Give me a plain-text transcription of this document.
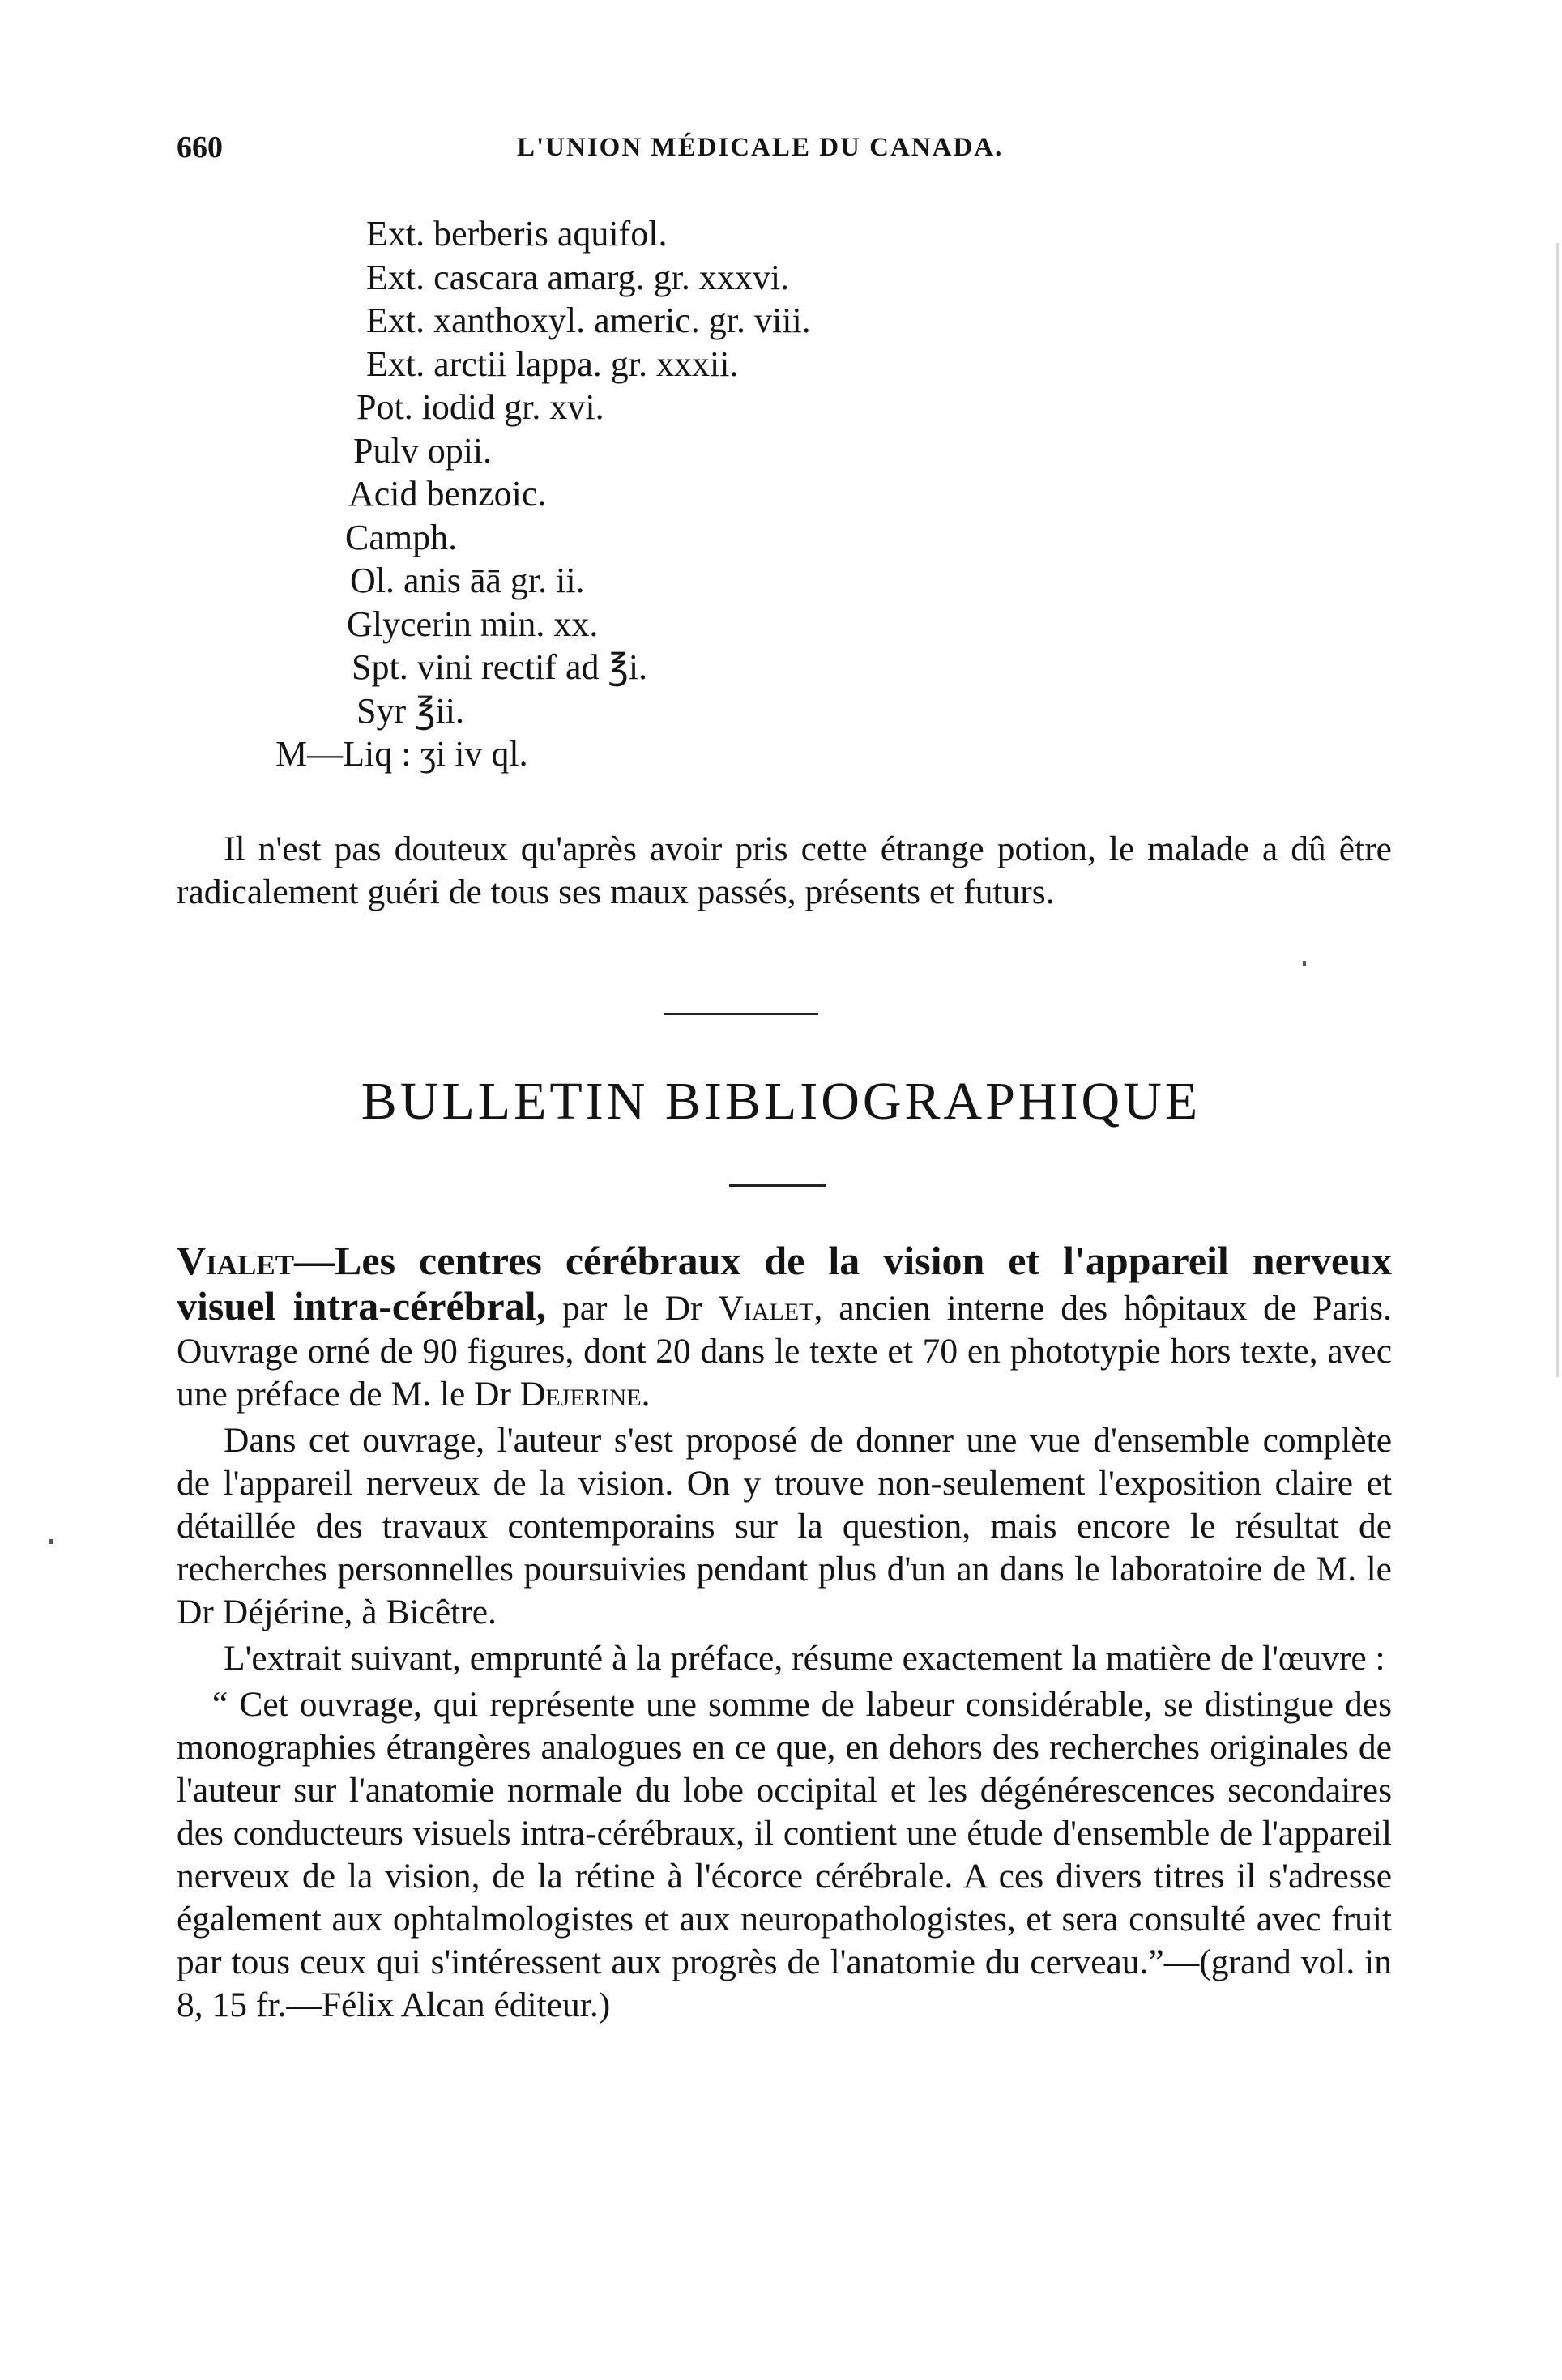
660	L'UNION MÉDICALE DU CANADA.
Ext. berberis aquifol.
Ext. cascara amarg. gr. xxxvi.
Ext. xanthoxyl. americ. gr. viii.
Ext. arctii lappa. gr. xxxii.
Pot. iodid gr. xvi.
Pulv opii.
Acid benzoic.
Camph.
Ol. anis āā gr. ii.
Glycerin min. xx.
Spt. vini rectif ad ℥i.
Syr ℥ii.
M—Liq : ʒi iv ql.

Il n'est pas douteux qu'après avoir pris cette étrange potion, le malade a dû être radicalement guéri de tous ses maux passés, présents et futurs.

BULLETIN BIBLIOGRAPHIQUE

Vialet—Les centres cérébraux de la vision et l'appareil nerveux visuel intra-cérébral, par le Dr Vialet, ancien interne des hôpitaux de Paris. Ouvrage orné de 90 figures, dont 20 dans le texte et 70 en phototypie hors texte, avec une préface de M. le Dr Dejerine.

Dans cet ouvrage, l'auteur s'est proposé de donner une vue d'ensemble complète de l'appareil nerveux de la vision. On y trouve non-seulement l'exposition claire et détaillée des travaux contemporains sur la question, mais encore le résultat de recherches personnelles poursuivies pendant plus d'un an dans le laboratoire de M. le Dr Déjérine, à Bicêtre.

L'extrait suivant, emprunté à la préface, résume exactement la matière de l'œuvre :

“ Cet ouvrage, qui représente une somme de labeur considérable, se distingue des monographies étrangères analogues en ce que, en dehors des recherches originales de l'auteur sur l'anatomie normale du lobe occipital et les dégénérescences secondaires des conducteurs visuels intra-cérébraux, il contient une étude d'ensemble de l'appareil nerveux de la vision, de la rétine à l'écorce cérébrale. A ces divers titres il s'adresse également aux ophtalmologistes et aux neuropathologistes, et sera consulté avec fruit par tous ceux qui s'intéressent aux progrès de l'anatomie du cerveau.”—(grand vol. in 8, 15 fr.—Félix Alcan éditeur.)
